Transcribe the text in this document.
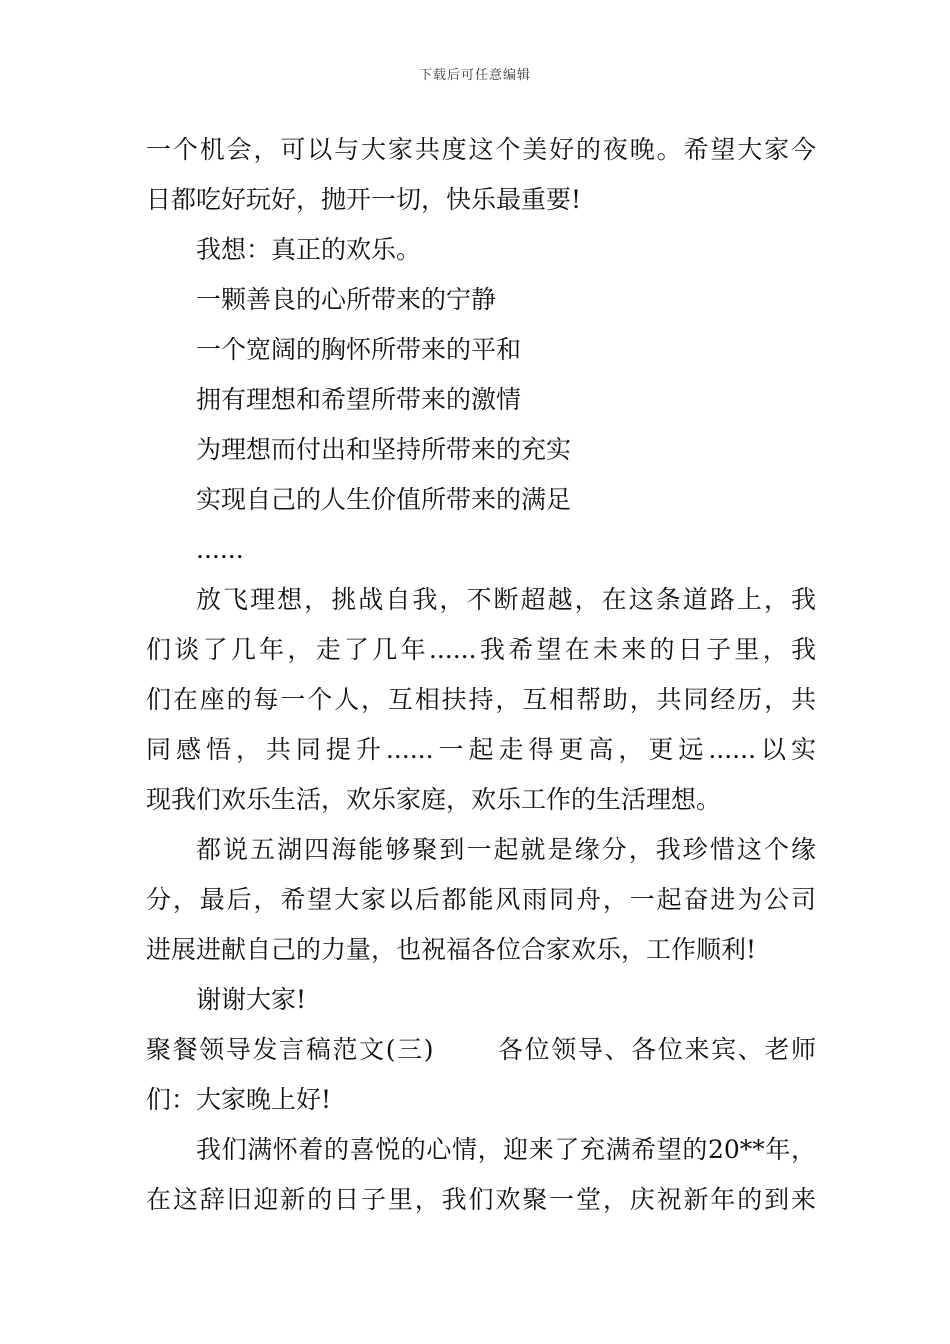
下载后可任意编辑
一个机会，可以与大家共度这个美好的夜晚。希望大家今
日都吃好玩好，抛开一切，快乐最重要!
我想：真正的欢乐。
一颗善良的心所带来的宁静
一个宽阔的胸怀所带来的平和
拥有理想和希望所带来的激情
为理想而付出和坚持所带来的充实
实现自己的人生价值所带来的满足
......
放飞理想，挑战自我，不断超越，在这条道路上，我
们谈了几年，走了几年......我希望在未来的日子里，我
们在座的每一个人，互相扶持，互相帮助，共同经历，共
同感悟，共同提升......一起走得更高，更远......以实
现我们欢乐生活，欢乐家庭，欢乐工作的生活理想。
都说五湖四海能够聚到一起就是缘分，我珍惜这个缘
分，最后，希望大家以后都能风雨同舟，一起奋进为公司
进展进献自己的力量，也祝福各位合家欢乐，工作顺利!
谢谢大家!
聚餐领导发言稿范文(三)　　 各位领导、各位来宾、老师
们：大家晚上好!
我们满怀着的喜悦的心情，迎来了充满希望的20**年，
在这辞旧迎新的日子里，我们欢聚一堂，庆祝新年的到来
